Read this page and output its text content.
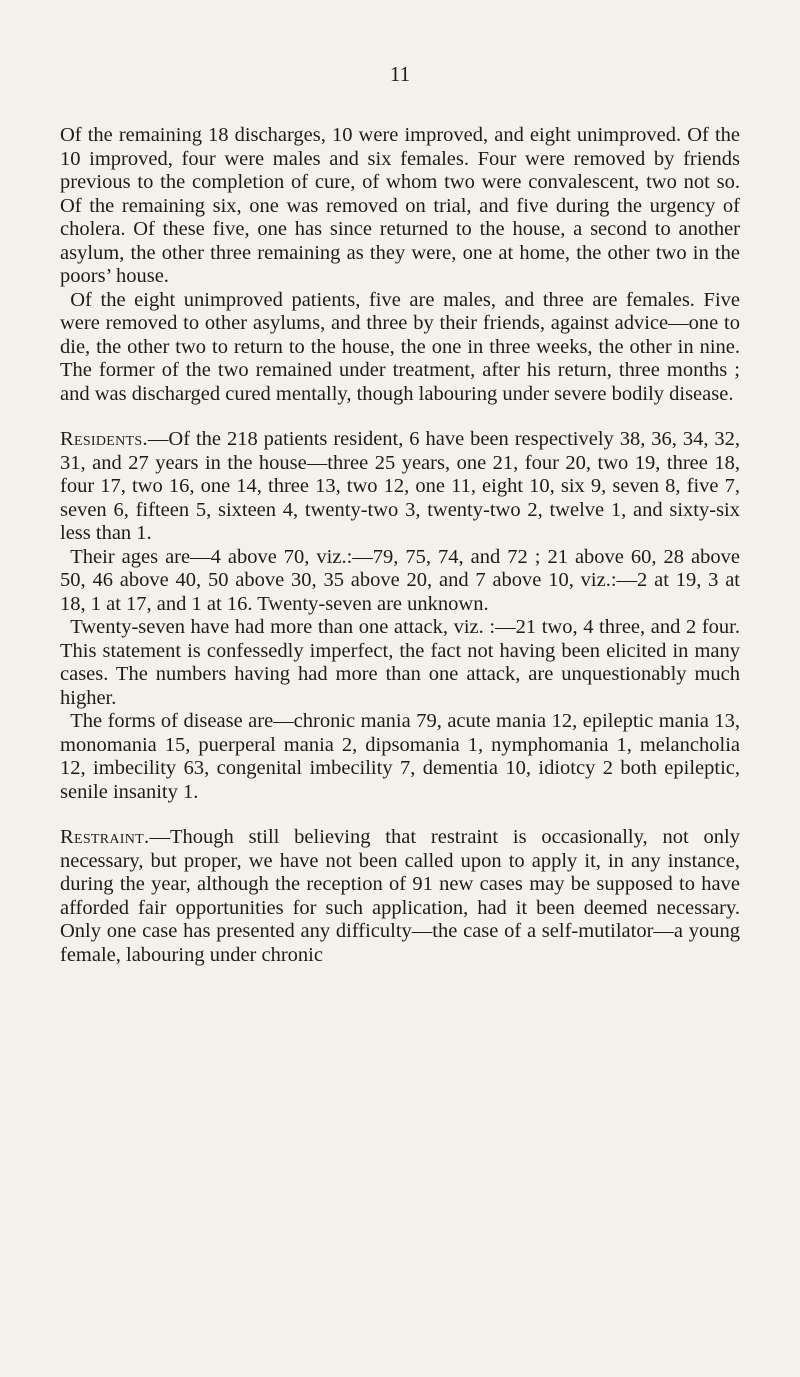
11

Of the remaining 18 discharges, 10 were improved, and eight unimproved. Of the 10 improved, four were males and six females. Four were removed by friends previous to the completion of cure, of whom two were convalescent, two not so. Of the remaining six, one was removed on trial, and five during the urgency of cholera. Of these five, one has since returned to the house, a second to another asylum, the other three remaining as they were, one at home, the other two in the poors’ house.

Of the eight unimproved patients, five are males, and three are females. Five were removed to other asylums, and three by their friends, against advice—one to die, the other two to return to the house, the one in three weeks, the other in nine. The former of the two remained under treatment, after his return, three months ; and was discharged cured mentally, though labouring under severe bodily disease.

Residents.—Of the 218 patients resident, 6 have been respectively 38, 36, 34, 32, 31, and 27 years in the house—three 25 years, one 21, four 20, two 19, three 18, four 17, two 16, one 14, three 13, two 12, one 11, eight 10, six 9, seven 8, five 7, seven 6, fifteen 5, sixteen 4, twenty-two 3, twenty-two 2, twelve 1, and sixty-six less than 1.

Their ages are—4 above 70, viz.:—79, 75, 74, and 72 ; 21 above 60, 28 above 50, 46 above 40, 50 above 30, 35 above 20, and 7 above 10, viz.:—2 at 19, 3 at 18, 1 at 17, and 1 at 16. Twenty-seven are unknown.

Twenty-seven have had more than one attack, viz. :—21 two, 4 three, and 2 four. This statement is confessedly imperfect, the fact not having been elicited in many cases. The numbers having had more than one attack, are unquestionably much higher.

The forms of disease are—chronic mania 79, acute mania 12, epileptic mania 13, monomania 15, puerperal mania 2, dipsomania 1, nymphomania 1, melancholia 12, imbecility 63, congenital imbecility 7, dementia 10, idiotcy 2 both epileptic, senile insanity 1.

Restraint.—Though still believing that restraint is occasionally, not only necessary, but proper, we have not been called upon to apply it, in any instance, during the year, although the reception of 91 new cases may be supposed to have afforded fair opportunities for such application, had it been deemed necessary. Only one case has presented any difficulty—the case of a self-mutilator—a young female, labouring under chronic
